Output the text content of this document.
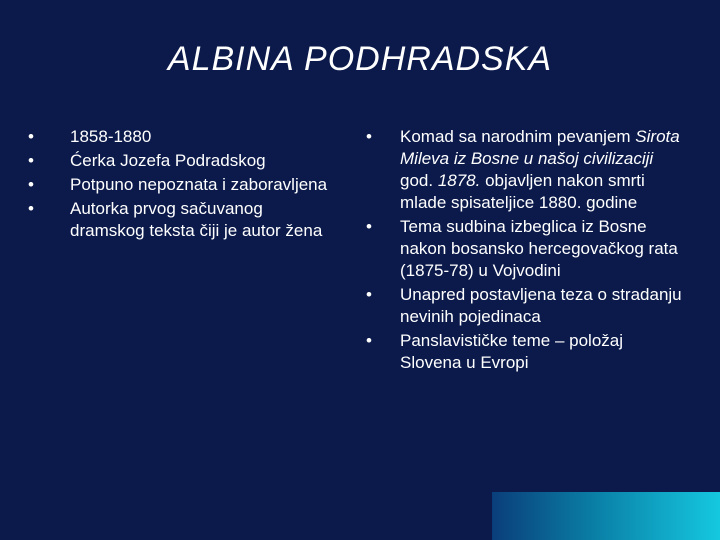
ALBINA PODHRADSKA
• 1858-1880
• Ćerka Jozefa Podradskog
• Potpuno nepoznata i zaboravljena
• Autorka prvog sačuvanog dramskog teksta čiji je autor žena
• Komad sa narodnim pevanjem Sirota Mileva iz Bosne u našoj civilizaciji god. 1878. objavljen nakon smrti mlade spisateljice 1880. godine
• Tema sudbina izbeglica iz Bosne nakon bosansko hercegovačkog rata (1875-78) u Vojvodini
• Unapred postavljena teza o stradanju nevinih pojedinaca
• Panslavističke teme – položaj Slovena u Evropi
